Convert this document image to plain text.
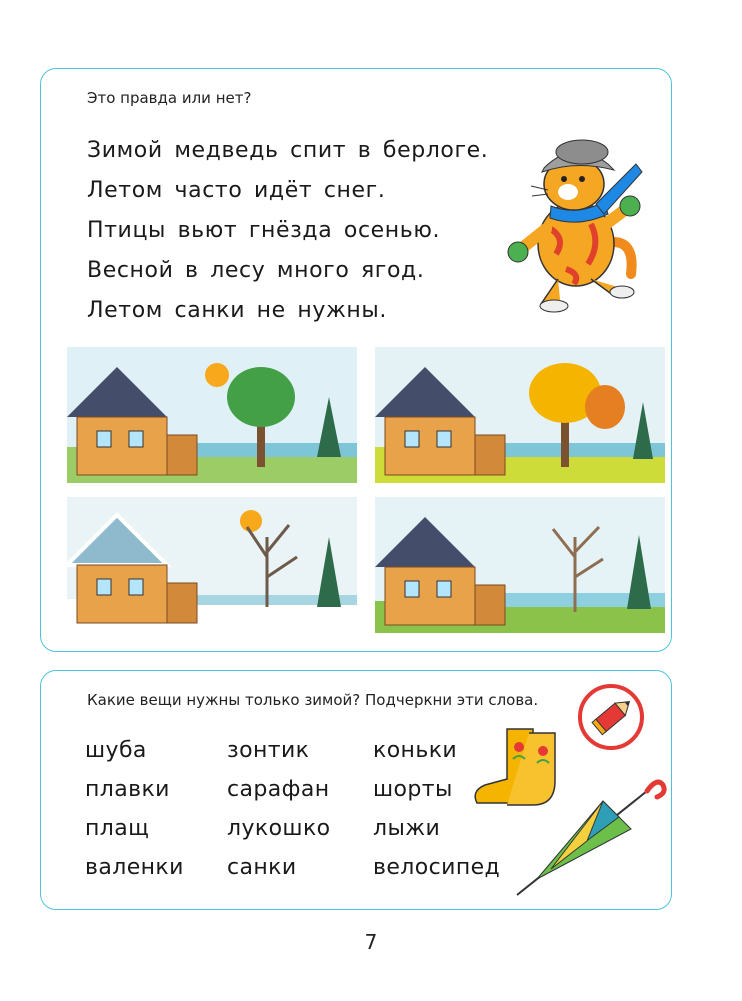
Это правда или нет?
Зимой медведь спит в берлоге.
Летом часто идёт снег.
Птицы вьют гнёзда осенью.
Весной в лесу много ягод.
Летом санки не нужны.
Какие вещи нужны только зимой? Подчеркни эти слова.
шуба
плавки
плащ
валенки
зонтик
сарафан
лукошко
санки
коньки
шорты
лыжи
велосипед
7
